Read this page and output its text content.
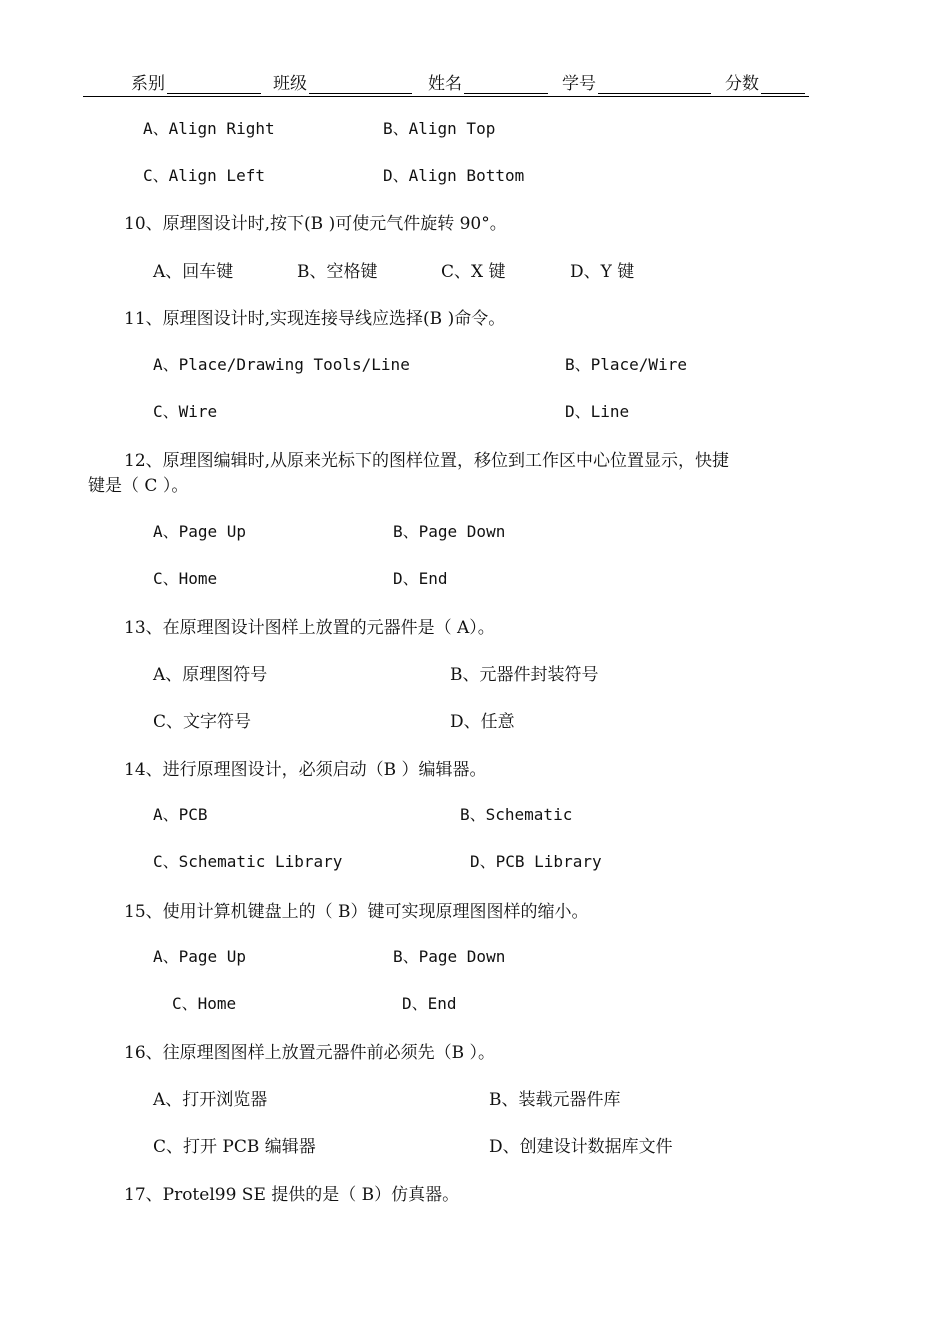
系别	班级	姓名	学号	分数
A、Align Right	B、Align Top
C、Align Left	D、Align Bottom
10、原理图设计时,按下(B )可使元气件旋转 90°。
A、回车键	B、空格键	C、X 键	D、Y 键
11、原理图设计时,实现连接导线应选择(B )命令。
A、Place/Drawing Tools/Line	B、Place/Wire
C、Wire	D、Line
12、原理图编辑时,从原来光标下的图样位置，移位到工作区中心位置显示，快捷
键是（ C ）。
A、Page Up	B、Page Down
C、Home	D、End
13、在原理图设计图样上放置的元器件是（ A）。
A、原理图符号	B、元器件封装符号
C、文字符号	D、任意
14、进行原理图设计，必须启动（B ）编辑器。
A、PCB	B、Schematic
C、Schematic Library	D、PCB Library
15、使用计算机键盘上的（ B）键可实现原理图图样的缩小。
A、Page Up	B、Page Down
C、Home	D、End
16、往原理图图样上放置元器件前必须先（B ）。
A、打开浏览器	B、装载元器件库
C、打开 PCB 编辑器	D、创建设计数据库文件
17、Protel99 SE 提供的是（ B）仿真器。
